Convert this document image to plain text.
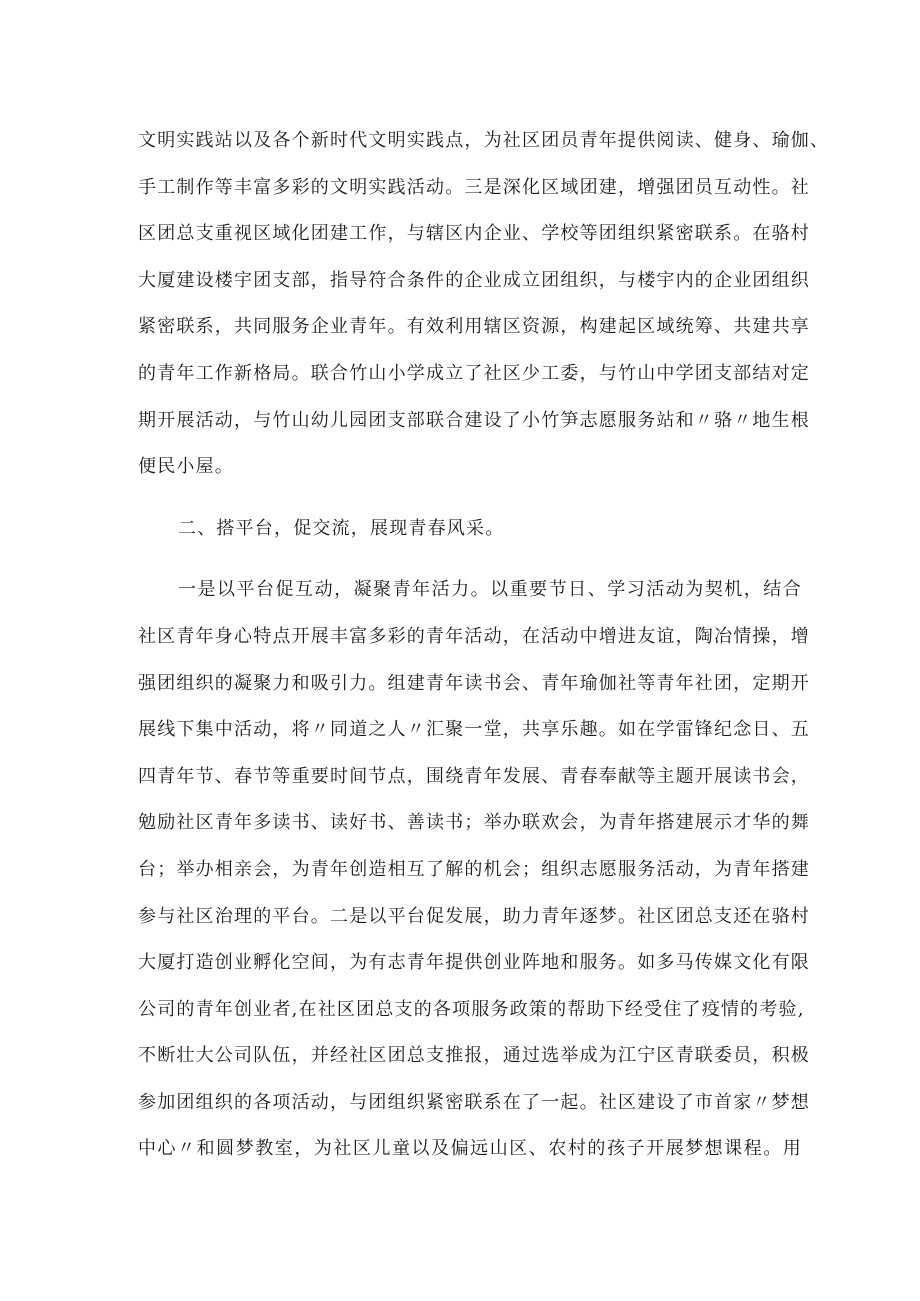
文明实践站以及各个新时代文明实践点，为社区团员青年提供阅读、健身、瑜伽、
手工制作等丰富多彩的文明实践活动。三是深化区域团建，增强团员互动性。社
区团总支重视区域化团建工作，与辖区内企业、学校等团组织紧密联系。在骆村
大厦建设楼宇团支部，指导符合条件的企业成立团组织，与楼宇内的企业团组织
紧密联系，共同服务企业青年。有效利用辖区资源，构建起区域统筹、共建共享
的青年工作新格局。联合竹山小学成立了社区少工委，与竹山中学团支部结对定
期开展活动，与竹山幼儿园团支部联合建设了小竹笋志愿服务站和〃骆〃地生根
便民小屋。
二、搭平台，促交流，展现青春风采。
一是以平台促互动，凝聚青年活力。以重要节日、学习活动为契机，结合
社区青年身心特点开展丰富多彩的青年活动，在活动中增进友谊，陶冶情操，增
强团组织的凝聚力和吸引力。组建青年读书会、青年瑜伽社等青年社团，定期开
展线下集中活动，将〃同道之人〃汇聚一堂，共享乐趣。如在学雷锋纪念日、五
四青年节、春节等重要时间节点，围绕青年发展、青春奉献等主题开展读书会，
勉励社区青年多读书、读好书、善读书；举办联欢会，为青年搭建展示才华的舞
台；举办相亲会，为青年创造相互了解的机会；组织志愿服务活动，为青年搭建
参与社区治理的平台。二是以平台促发展，助力青年逐梦。社区团总支还在骆村
大厦打造创业孵化空间，为有志青年提供创业阵地和服务。如多马传媒文化有限
公司的青年创业者,在社区团总支的各项服务政策的帮助下经受住了疫情的考验,
不断壮大公司队伍，并经社区团总支推报，通过选举成为江宁区青联委员，积极
参加团组织的各项活动，与团组织紧密联系在了一起。社区建设了市首家〃梦想
中心〃和圆梦教室，为社区儿童以及偏远山区、农村的孩子开展梦想课程。用
